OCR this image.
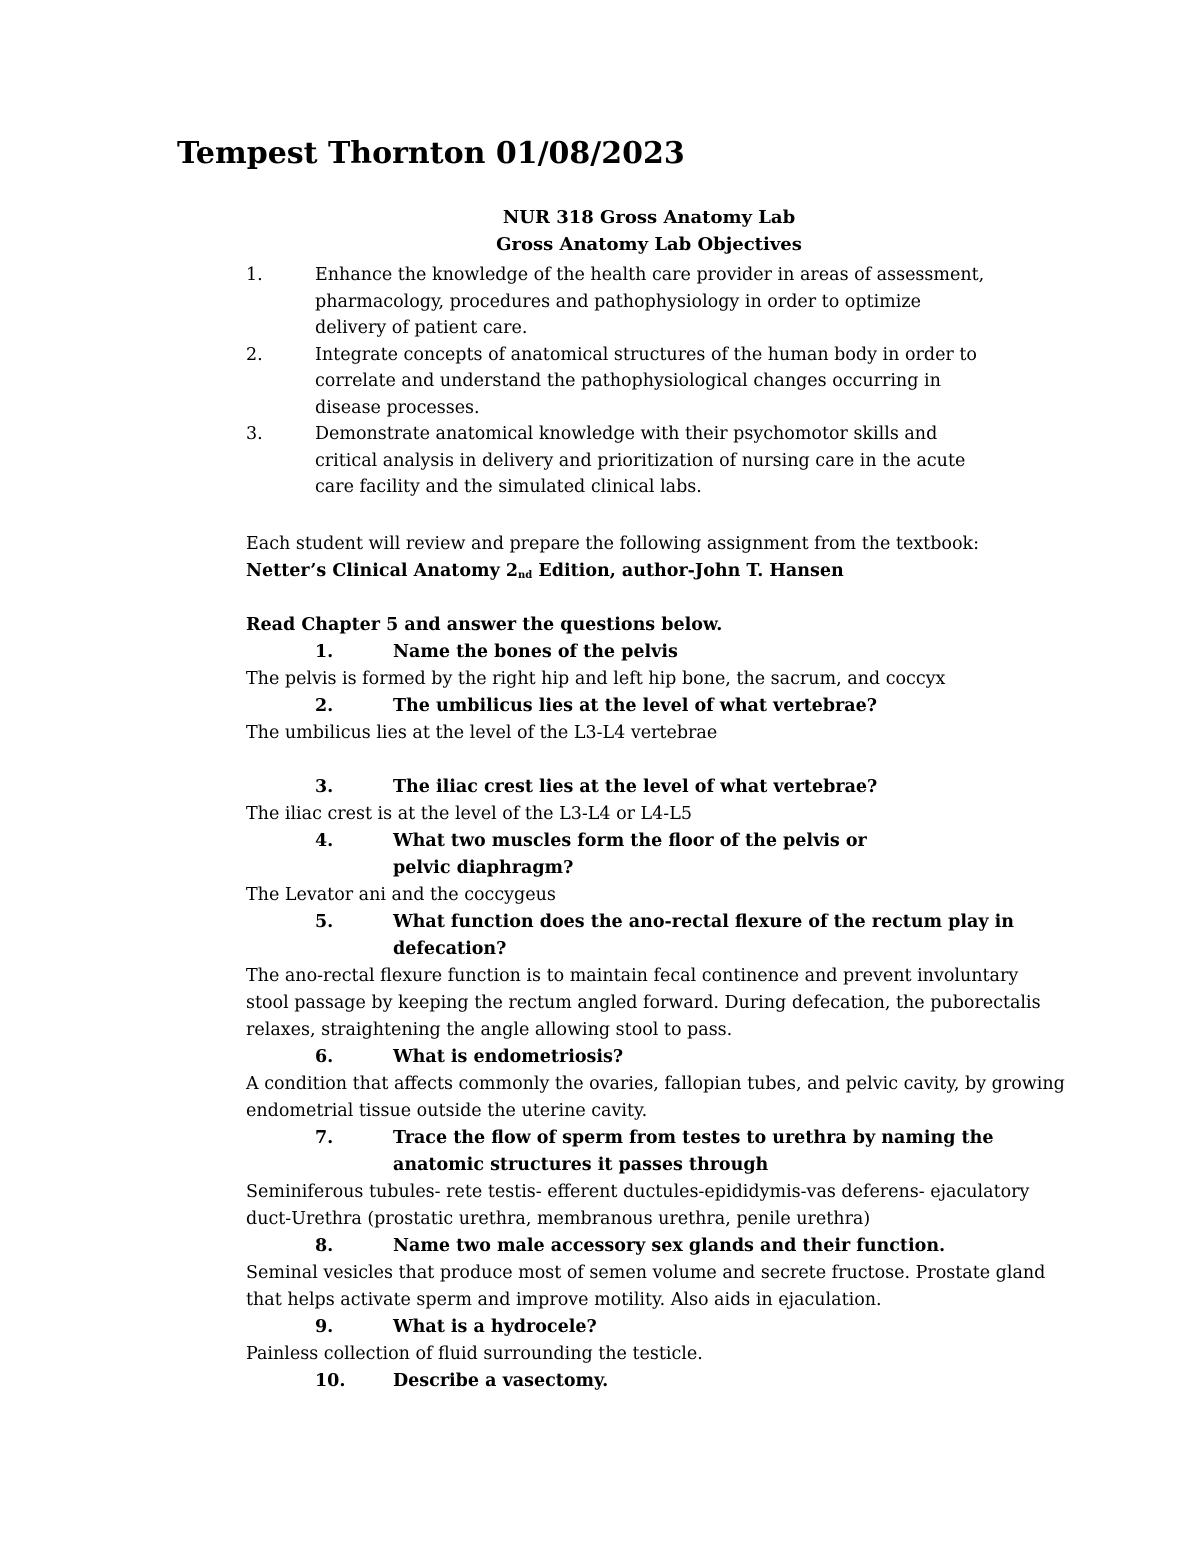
Tempest Thornton 01/08/2023
NUR 318 Gross Anatomy Lab
Gross Anatomy Lab Objectives
1.	Enhance the knowledge of the health care provider in areas of assessment, pharmacology, procedures and pathophysiology in order to optimize delivery of patient care.
2.	Integrate concepts of anatomical structures of the human body in order to correlate and understand the pathophysiological changes occurring in disease processes.
3.	Demonstrate anatomical knowledge with their psychomotor skills and critical analysis in delivery and prioritization of nursing care in the acute care facility and the simulated clinical labs.
Each student will review and prepare the following assignment from the textbook: Netter’s Clinical Anatomy 2nd Edition, author-John T. Hansen
Read Chapter 5 and answer the questions below.
1.	Name the bones of the pelvis
The pelvis is formed by the right hip and left hip bone, the sacrum, and coccyx
2.	The umbilicus lies at the level of what vertebrae?
The umbilicus lies at the level of the L3-L4 vertebrae
3.	The iliac crest lies at the level of what vertebrae?
The iliac crest is at the level of the L3-L4 or L4-L5
4.	What two muscles form the floor of the pelvis or pelvic diaphragm?
The Levator ani and the coccygeus
5.	What function does the ano-rectal flexure of the rectum play in defecation?
The ano-rectal flexure function is to maintain fecal continence and prevent involuntary stool passage by keeping the rectum angled forward. During defecation, the puborectalis relaxes, straightening the angle allowing stool to pass.
6.	What is endometriosis?
A condition that affects commonly the ovaries, fallopian tubes, and pelvic cavity, by growing endometrial tissue outside the uterine cavity.
7.	Trace the flow of sperm from testes to urethra by naming the anatomic structures it passes through
Seminiferous tubules- rete testis- efferent ductules-epididymis-vas deferens- ejaculatory duct-Urethra (prostatic urethra, membranous urethra, penile urethra)
8.	Name two male accessory sex glands and their function.
Seminal vesicles that produce most of semen volume and secrete fructose. Prostate gland that helps activate sperm and improve motility. Also aids in ejaculation.
9.	What is a hydrocele?
Painless collection of fluid surrounding the testicle.
10.	Describe a vasectomy.
